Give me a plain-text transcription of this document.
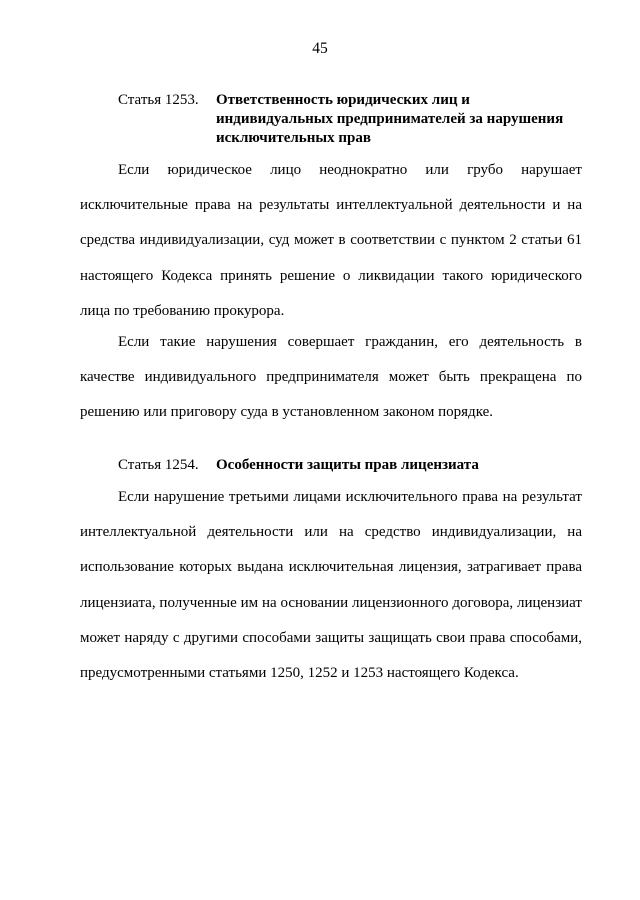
45
Статья 1253.	Ответственность юридических лиц и индивидуальных предпринимателей за нарушения исключительных прав

Если юридическое лицо неоднократно или грубо нарушает исключительные права на результаты интеллектуальной деятельности и на средства индивидуализации, суд может в соответствии с пунктом 2 статьи 61 настоящего Кодекса принять решение о ликвидации такого юридического лица по требованию прокурора.

Если такие нарушения совершает гражданин, его деятельность в качестве индивидуального предпринимателя может быть прекращена по решению или приговору суда в установленном законом порядке.

Статья 1254.	Особенности защиты прав лицензиата

Если нарушение третьими лицами исключительного права на результат интеллектуальной деятельности или на средство индивидуализации, на использование которых выдана исключительная лицензия, затрагивает права лицензиата, полученные им на основании лицензионного договора, лицензиат может наряду с другими способами защиты защищать свои права способами, предусмотренными статьями 1250, 1252 и 1253 настоящего Кодекса.
